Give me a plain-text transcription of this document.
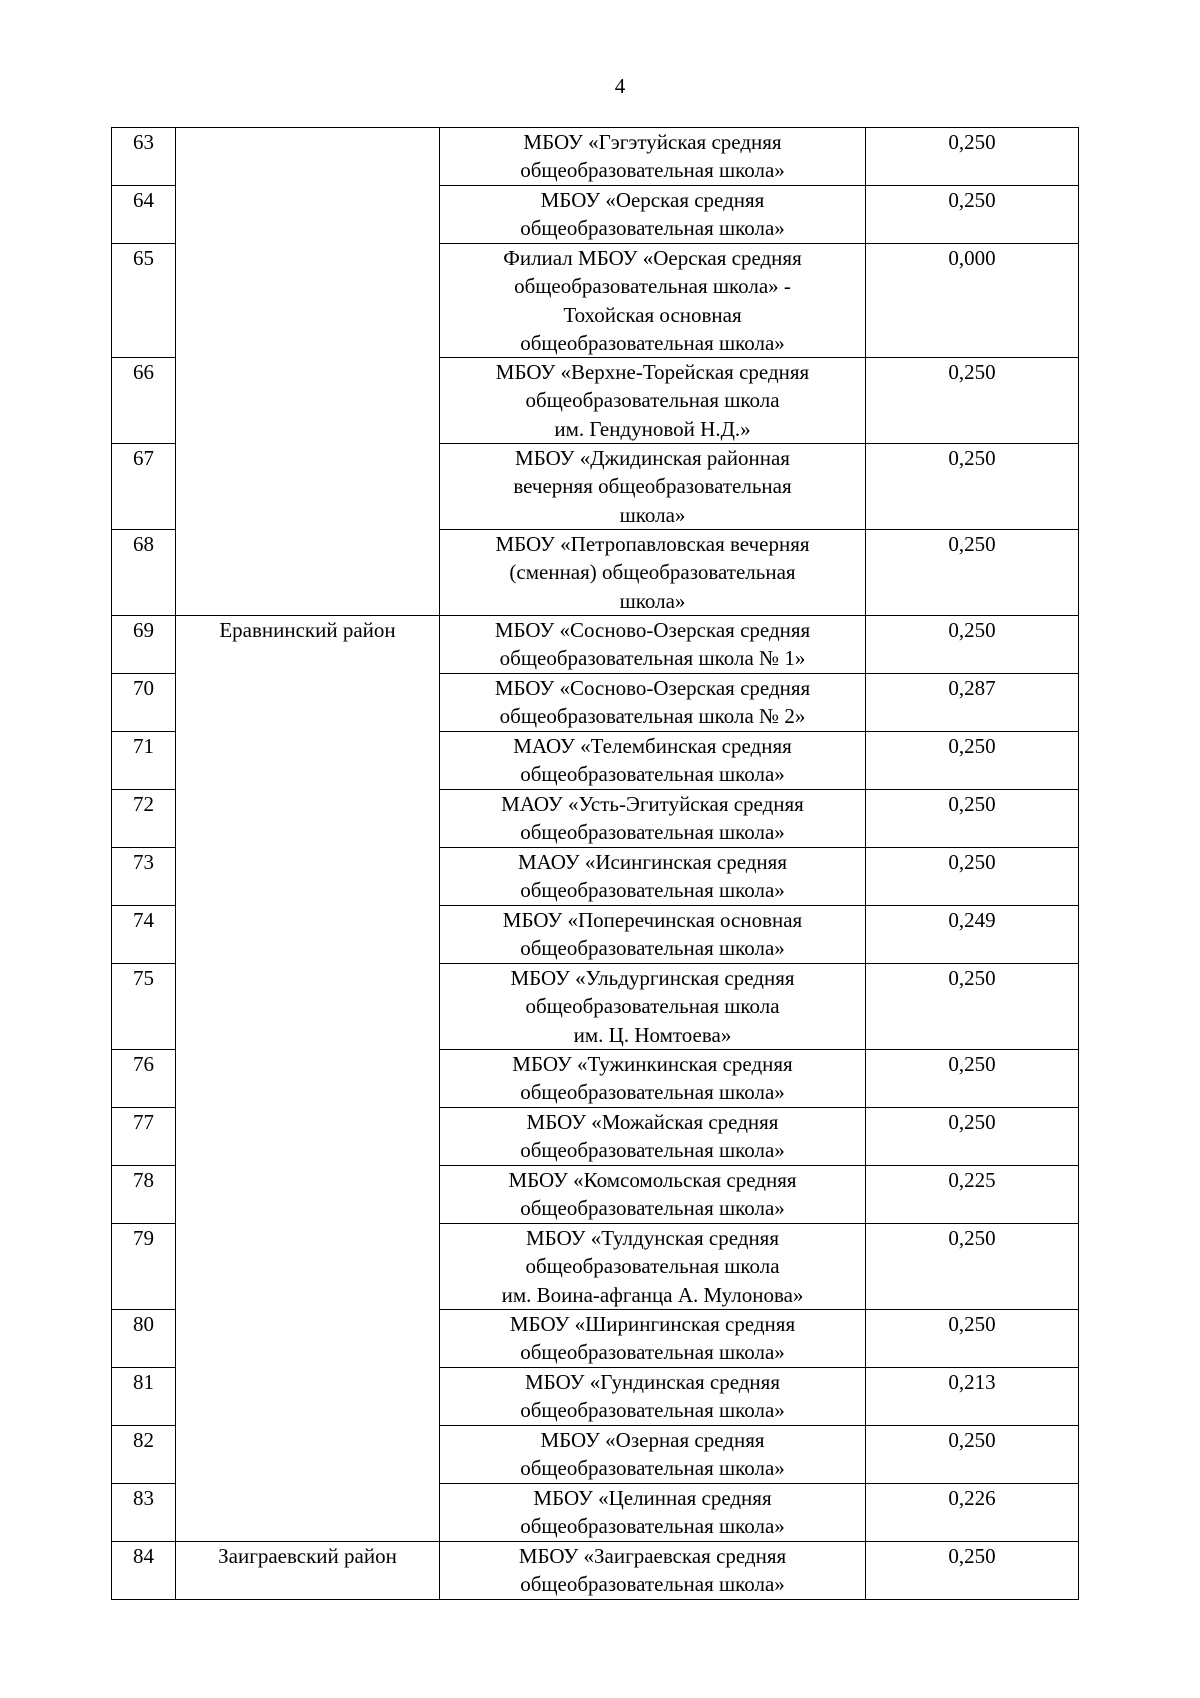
4
63		МБОУ «Гэгэтуйская средняя
общеобразовательная школа»	0,250
64		МБОУ «Оерская средняя
общеобразовательная школа»	0,250
65		Филиал МБОУ «Оерская средняя
общеобразовательная школа» -
Тохойская основная
общеобразовательная школа»	0,000
66		МБОУ «Верхне-Торейская средняя
общеобразовательная школа
им. Гендуновой Н.Д.»	0,250
67		МБОУ «Джидинская районная
вечерняя общеобразовательная
школа»	0,250
68		МБОУ «Петропавловская вечерняя
(сменная) общеобразовательная
школа»	0,250
69	Еравнинский район	МБОУ «Сосново-Озерская средняя
общеобразовательная школа № 1»	0,250
70		МБОУ «Сосново-Озерская средняя
общеобразовательная школа № 2»	0,287
71		МАОУ «Телембинская средняя
общеобразовательная школа»	0,250
72		МАОУ «Усть-Эгитуйская средняя
общеобразовательная школа»	0,250
73		МАОУ «Исингинская средняя
общеобразовательная школа»	0,250
74		МБОУ «Поперечинская основная
общеобразовательная школа»	0,249
75		МБОУ «Ульдургинская средняя
общеобразовательная школа
им. Ц. Номтоева»	0,250
76		МБОУ «Тужинкинская средняя
общеобразовательная школа»	0,250
77		МБОУ «Можайская средняя
общеобразовательная школа»	0,250
78		МБОУ «Комсомольская средняя
общеобразовательная школа»	0,225
79		МБОУ «Тулдунская средняя
общеобразовательная школа
им. Воина-афганца А. Мулонова»	0,250
80		МБОУ «Ширингинская средняя
общеобразовательная школа»	0,250
81		МБОУ «Гундинская средняя
общеобразовательная школа»	0,213
82		МБОУ «Озерная средняя
общеобразовательная школа»	0,250
83		МБОУ «Целинная средняя
общеобразовательная школа»	0,226
84	Заиграевский район	МБОУ «Заиграевская средняя
общеобразовательная школа»	0,250
